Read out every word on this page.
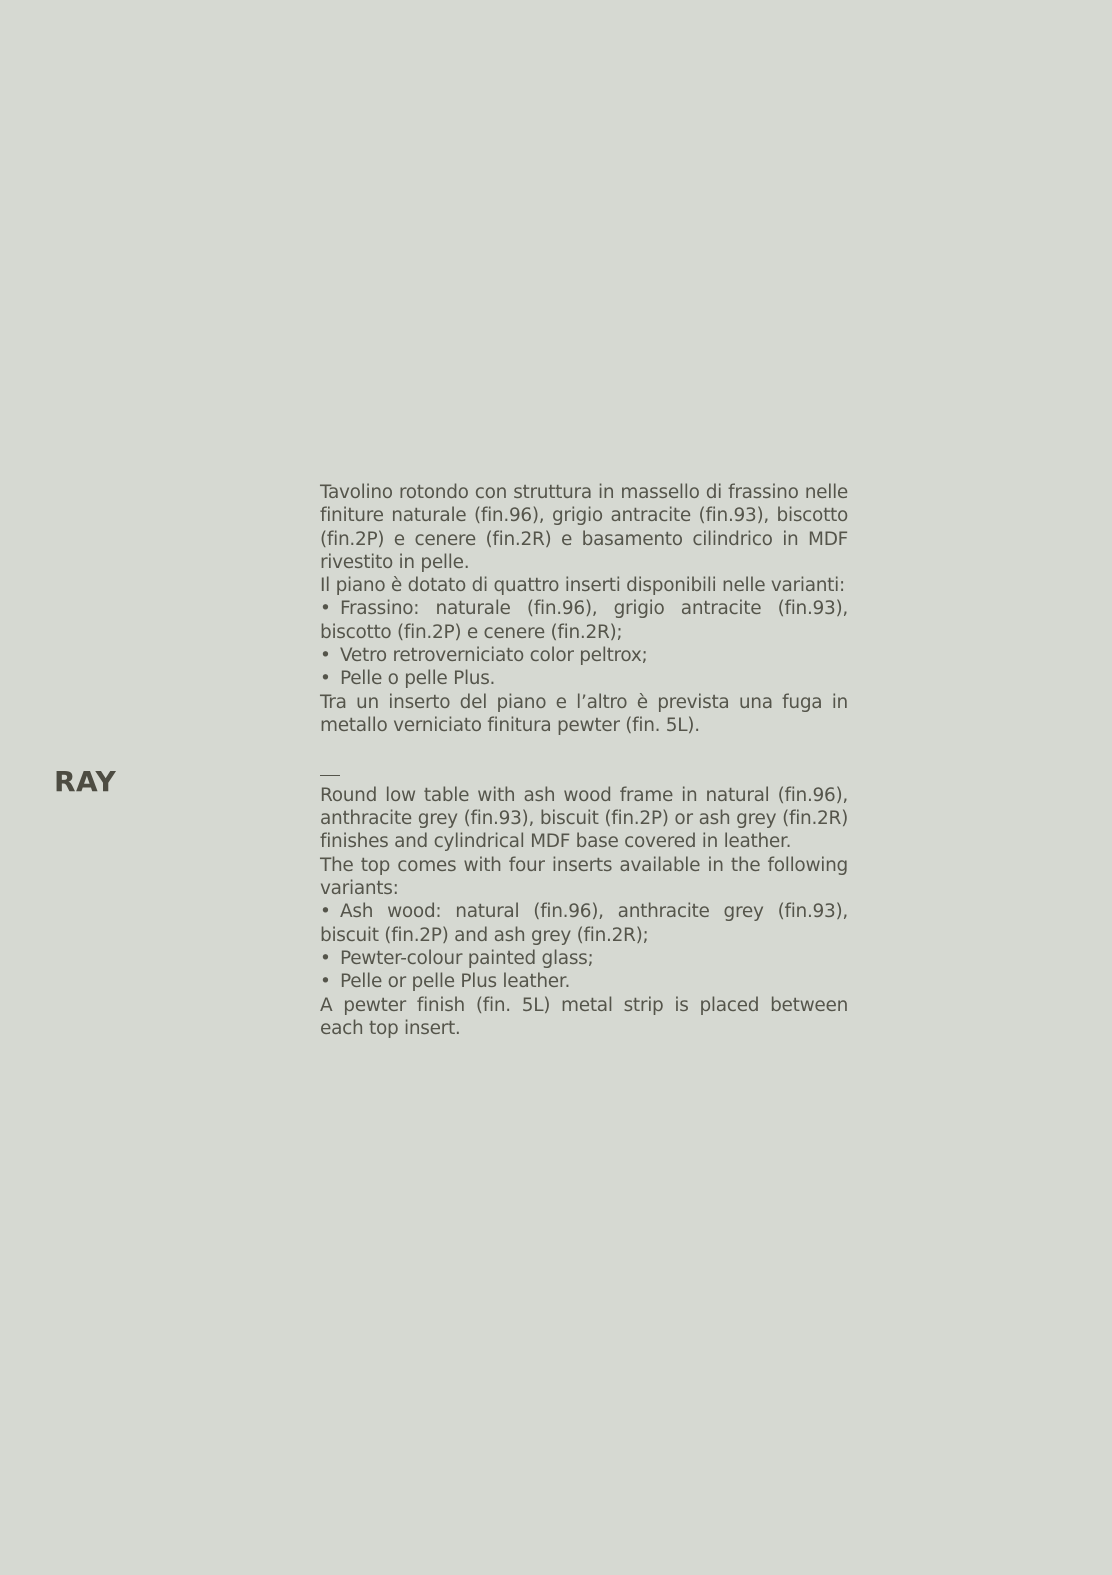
RAY

Tavolino rotondo con struttura in massello di frassino nelle finiture naturale (fin.96), grigio antracite (fin.93), biscotto (fin.2P) e cenere (fin.2R) e basamento cilindrico in MDF rivestito in pelle.

Il piano è dotato di quattro inserti disponibili nelle varianti:

• Frassino: naturale (fin.96), grigio antracite (fin.93), biscotto (fin.2P) e cenere (fin.2R);
• Vetro retroverniciato color peltrox;
• Pelle o pelle Plus.

Tra un inserto del piano e l’altro è prevista una fuga in metallo verniciato finitura pewter (fin. 5L).

Round low table with ash wood frame in natural (fin.96), anthracite grey (fin.93), biscuit (fin.2P) or ash grey (fin.2R) finishes and cylindrical MDF base covered in leather.

The top comes with four inserts available in the following variants:

• Ash wood: natural (fin.96), anthracite grey (fin.93), biscuit (fin.2P) and ash grey (fin.2R);
• Pewter-colour painted glass;
• Pelle or pelle Plus leather.

A pewter finish (fin. 5L) metal strip is placed between each top insert.
